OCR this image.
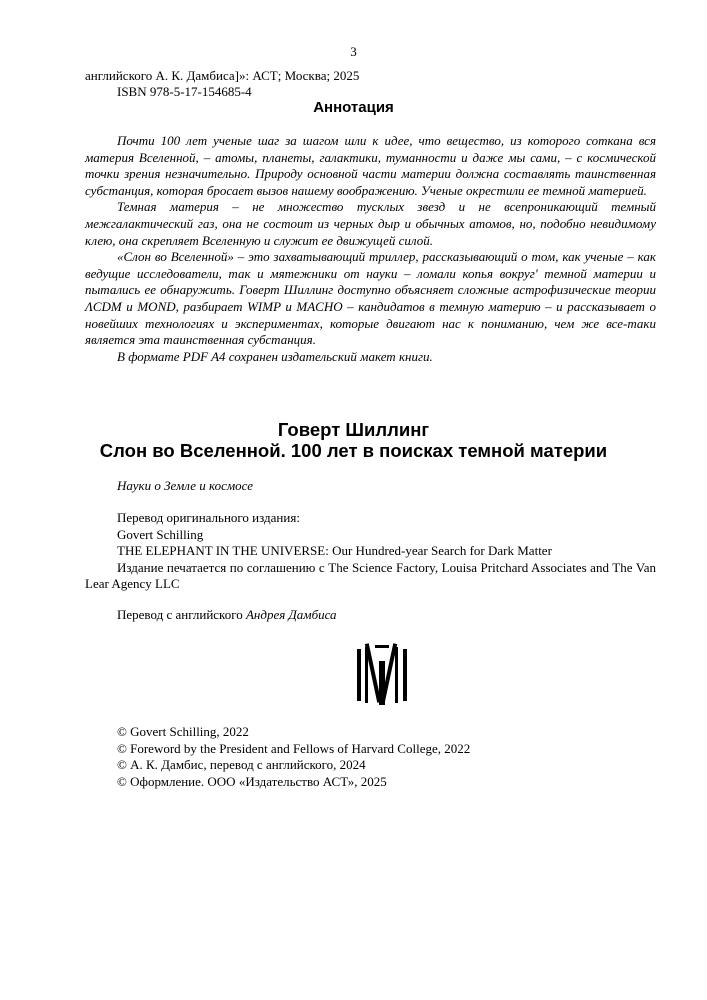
3
английского А. К. Дамбиса]»: АСТ; Москва; 2025
ISBN 978-5-17-154685-4
Аннотация

Почти 100 лет ученые шаг за шагом шли к идее, что вещество, из которого соткана вся материя Вселенной, – атомы, планеты, галактики, туманности и даже мы сами, – с космической точки зрения незначительно. Природу основной части материи должна составлять таинственная субстанция, которая бросает вызов нашему воображению. Ученые окрестили ее темной материей.

Темная материя – не множество тусклых звезд и не всепроникающий темный межгалактический газ, она не состоит из черных дыр и обычных атомов, но, подобно невидимому клею, она скрепляет Вселенную и служит ее движущей силой.

«Слон во Вселенной» – это захватывающий триллер, рассказывающий о том, как ученые – как ведущие исследователи, так и мятежники от науки – ломали копья вокруг' темной материи и пытались ее обнаружить. Говерт Шиллинг доступно объясняет сложные астрофизические теории ΛCDM и MOND, разбирает WIMP и MACHO – кандидатов в темную материю – и рассказывает о новейших технологиях и экспериментах, которые двигают нас к пониманию, чем же все-таки является эта таинственная субстанция.

В формате PDF A4 сохранен издательский макет книги.

Говерт Шиллинг
Слон во Вселенной. 100 лет в поисках темной материи
Науки о Земле и космосе

Перевод оригинального издания:

Govert Schilling

THE ELEPHANT IN THE UNIVERSE: Our Hundred-year Search for Dark Matter

Издание печатается по соглашению с The Science Factory, Louisa Pritchard Associates and The Van Lear Agency LLC

Перевод с английского Андрея Дамбиса

© Govert Schilling, 2022

© Foreword by the President and Fellows of Harvard College, 2022

© А. К. Дамбис, перевод с английского, 2024

© Оформление. ООО «Издательство АСТ», 2025
